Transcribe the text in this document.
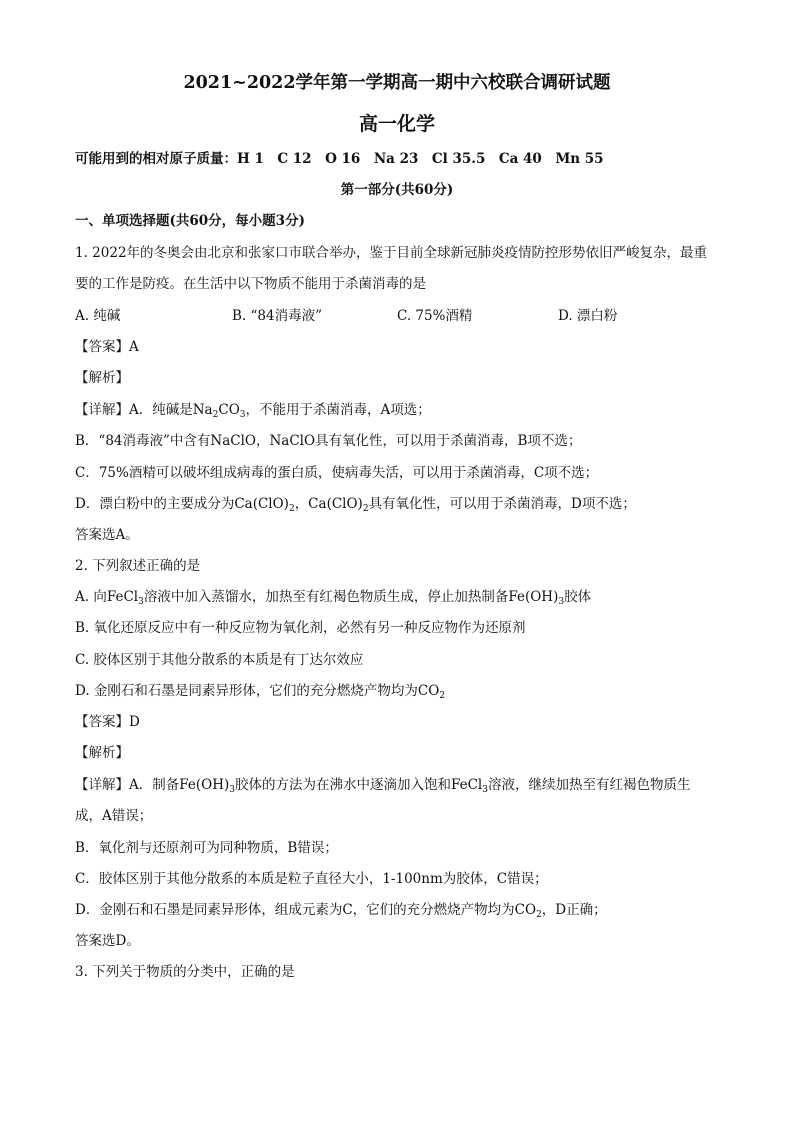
2021~2022学年第一学期高一期中六校联合调研试题
高一化学
可能用到的相对原子质量：H 1　C 12　O 16　Na 23　Cl 35.5　Ca 40　Mn 55
第一部分(共60分)
一、单项选择题(共60分，每小题3分)
1. 2022年的冬奥会由北京和张家口市联合举办，鉴于目前全球新冠肺炎疫情防控形势依旧严峻复杂，最重
要的工作是防疫。在生活中以下物质不能用于杀菌消毒的是
A. 纯碱	B. “84消毒液”	C. 75%酒精	D. 漂白粉
【答案】A
【解析】
【详解】A．纯碱是$Na_2CO_3$，不能用于杀菌消毒，A项选；
B．“84消毒液”中含有NaClO，NaClO具有氧化性，可以用于杀菌消毒，B项不选；
C．75%酒精可以破坏组成病毒的蛋白质，使病毒失活，可以用于杀菌消毒，C项不选；
D．漂白粉中的主要成分为$Ca(ClO)_2$，$Ca(ClO)_2$具有氧化性，可以用于杀菌消毒，D项不选；
答案选A。
2. 下列叙述正确的是
A. 向FeCl$_3$溶液中加入蒸馏水，加热至有红褐色物质生成，停止加热制备$Fe(OH)_3$胶体
B. 氧化还原反应中有一种反应物为氧化剂，必然有另一种反应物作为还原剂
C. 胶体区别于其他分散系的本质是有丁达尔效应
D. 金刚石和石墨是同素异形体，它们的充分燃烧产物均为$CO_2$
【答案】D
【解析】
【详解】A．制备$Fe(OH)_3$胶体的方法为在沸水中逐滴加入饱和FeCl$_3$溶液，继续加热至有红褐色物质生
成，A错误；
B．氧化剂与还原剂可为同种物质，B错误；
C．胶体区别于其他分散系的本质是粒子直径大小，1-100nm为胶体，C错误；
D．金刚石和石墨是同素异形体，组成元素为C，它们的充分燃烧产物均为$CO_2$，D正确；
答案选D。
3. 下列关于物质的分类中，正确的是
